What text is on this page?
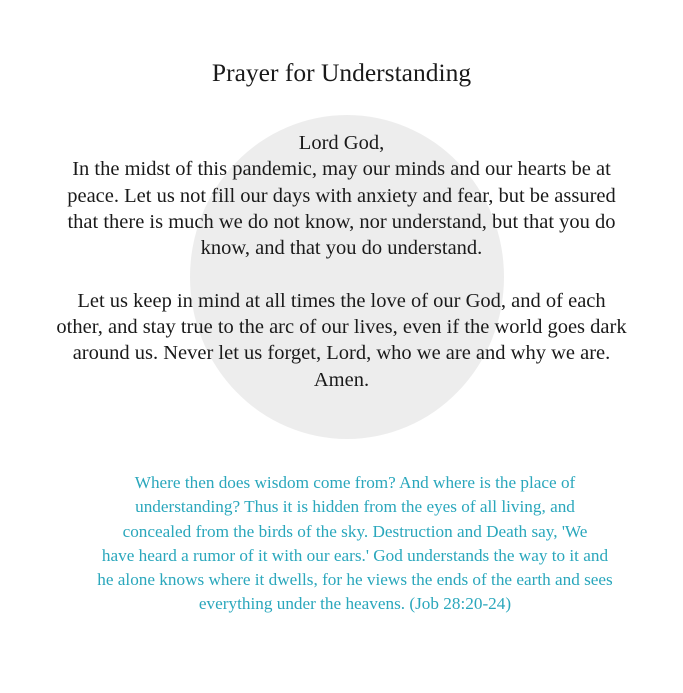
Prayer for Understanding
Lord God,
In the midst of this pandemic, may our minds and our hearts be at
peace. Let us not fill our days with anxiety and fear, but be assured
that there is much we do not know, nor understand, but that you do
know, and that you do understand.
Let us keep in mind at all times the love of our God, and of each
other, and stay true to the arc of our lives, even if the world goes dark
around us. Never let us forget, Lord, who we are and why we are.
Amen.
Where then does wisdom come from? And where is the place of
understanding? Thus it is hidden from the eyes of all living, and
concealed from the birds of the sky. Destruction and Death say, 'We
have heard a rumor of it with our ears.' God understands the way to it and
he alone knows where it dwells, for he views the ends of the earth and sees
everything under the heavens. (Job 28:20-24)
